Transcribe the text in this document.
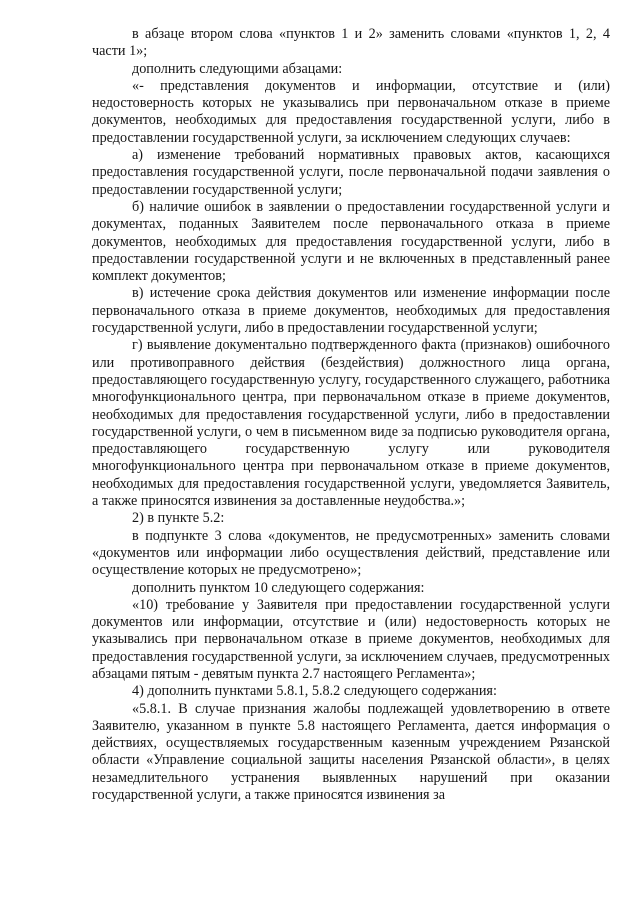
в абзаце втором слова «пунктов 1 и 2» заменить словами «пунктов 1, 2, 4 части 1»;

дополнить следующими абзацами:

«- представления документов и информации, отсутствие и (или) недостоверность которых не указывались при первоначальном отказе в приеме документов, необходимых для предоставления государственной услуги, либо в предоставлении государственной услуги, за исключением следующих случаев:

а) изменение требований нормативных правовых актов, касающихся предоставления государственной услуги, после первоначальной подачи заявления о предоставлении государственной услуги;

б) наличие ошибок в заявлении о предоставлении государственной услуги и документах, поданных Заявителем после первоначального отказа в приеме документов, необходимых для предоставления государственной услуги, либо в предоставлении государственной услуги и не включенных в представленный ранее комплект документов;

в) истечение срока действия документов или изменение информации после первоначального отказа в приеме документов, необходимых для предоставления государственной услуги, либо в предоставлении государственной услуги;

г) выявление документально подтвержденного факта (признаков) ошибочного или противоправного действия (бездействия) должностного лица органа, предоставляющего государственную услугу, государственного служащего, работника многофункционального центра, при первоначальном отказе в приеме документов, необходимых для предоставления государственной услуги, либо в предоставлении государственной услуги, о чем в письменном виде за подписью руководителя органа, предоставляющего государственную услугу или руководителя многофункционального центра при первоначальном отказе в приеме документов, необходимых для предоставления государственной услуги, уведомляется Заявитель, а также приносятся извинения за доставленные неудобства.»;

2) в пункте 5.2:

в подпункте 3 слова «документов, не предусмотренных» заменить словами «документов или информации либо осуществления действий, представление или осуществление которых не предусмотрено»;

дополнить пунктом 10 следующего содержания:

«10) требование у Заявителя при предоставлении государственной услуги документов или информации, отсутствие и (или) недостоверность которых не указывались при первоначальном отказе в приеме документов, необходимых для предоставления государственной услуги, за исключением случаев, предусмотренных абзацами пятым - девятым пункта 2.7 настоящего Регламента»;

4) дополнить пунктами 5.8.1, 5.8.2 следующего содержания:

«5.8.1. В случае признания жалобы подлежащей удовлетворению в ответе Заявителю, указанном в пункте 5.8 настоящего Регламента, дается информация о действиях, осуществляемых государственным казенным учреждением Рязанской области «Управление социальной защиты населения Рязанской области», в целях незамедлительного устранения выявленных нарушений при оказании государственной услуги, а также приносятся извинения за
